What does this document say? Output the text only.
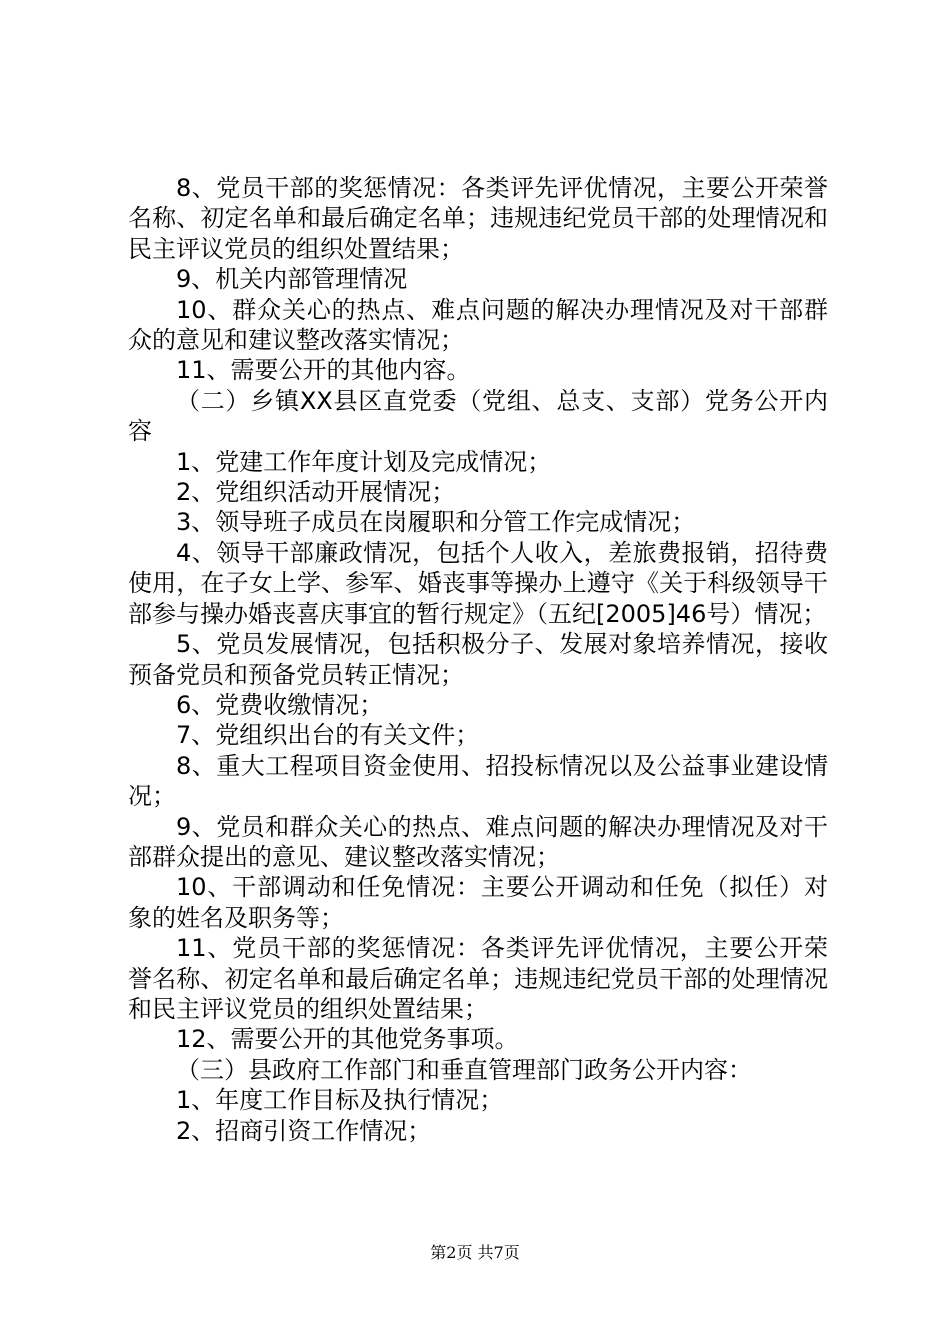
8、党员干部的奖惩情况：各类评先评优情况，主要公开荣誉名称、初定名单和最后确定名单；违规违纪党员干部的处理情况和民主评议党员的组织处置结果；

9、机关内部管理情况

10、群众关心的热点、难点问题的解决办理情况及对干部群众的意见和建议整改落实情况；

11、需要公开的其他内容。

（二）乡镇XX县区直党委（党组、总支、支部）党务公开内容

1、党建工作年度计划及完成情况；

2、党组织活动开展情况；

3、领导班子成员在岗履职和分管工作完成情况；

4、领导干部廉政情况，包括个人收入，差旅费报销，招待费使用，在子女上学、参军、婚丧事等操办上遵守《关于科级领导干部参与操办婚丧喜庆事宜的暂行规定》（五纪[2005]46号）情况；

5、党员发展情况，包括积极分子、发展对象培养情况，接收预备党员和预备党员转正情况；

6、党费收缴情况；

7、党组织出台的有关文件；

8、重大工程项目资金使用、招投标情况以及公益事业建设情况；

9、党员和群众关心的热点、难点问题的解决办理情况及对干部群众提出的意见、建议整改落实情况；

10、干部调动和任免情况：主要公开调动和任免（拟任）对象的姓名及职务等；

11、党员干部的奖惩情况：各类评先评优情况，主要公开荣誉名称、初定名单和最后确定名单；违规违纪党员干部的处理情况和民主评议党员的组织处置结果；

12、需要公开的其他党务事项。

（三）县政府工作部门和垂直管理部门政务公开内容：

1、年度工作目标及执行情况；

2、招商引资工作情况；

第2页 共7页
